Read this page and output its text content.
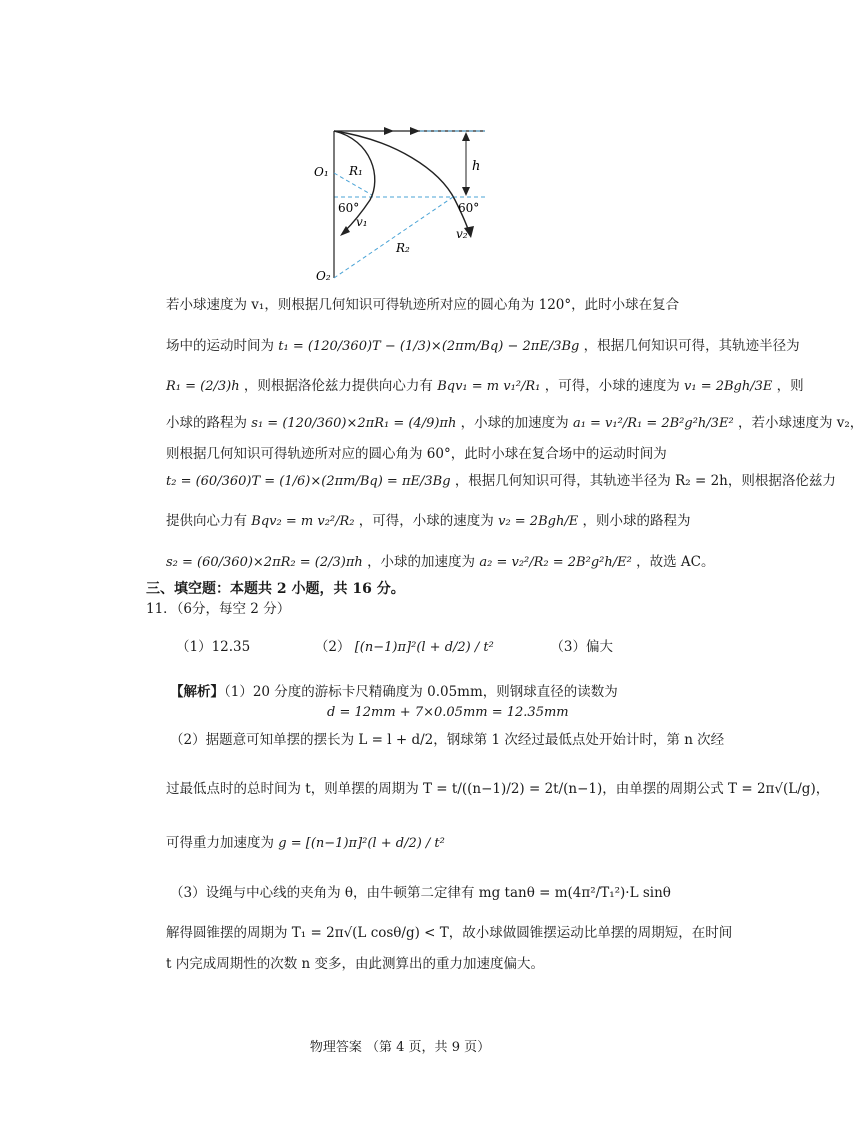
h
O₁ R₁
60°
v₁
60°
v₂
R₂
O₂
若小球速度为 v₁，则根据几何知识可得轨迹所对应的圆心角为 120°，此时小球在复合
场中的运动时间为 t₁ = (120/360)T − (1/3)×(2πm/Bq) − 2πE/3Bg ，根据几何知识可得，其轨迹半径为
R₁ = (2/3)h ，则根据洛伦兹力提供向心力有 Bqv₁ = m v₁²/R₁ ，可得，小球的速度为 v₁ = 2Bgh/3E ，则
小球的路程为 s₁ = (120/360)×2πR₁ = (4/9)πh ，小球的加速度为 a₁ = v₁²/R₁ = 2B²g²h/3E² ，若小球速度为 v₂，
则根据几何知识可得轨迹所对应的圆心角为 60°，此时小球在复合场中的运动时间为
t₂ = (60/360)T = (1/6)×(2πm/Bq) = πE/3Bg ，根据几何知识可得，其轨迹半径为 R₂ = 2h，则根据洛伦兹力
提供向心力有 Bqv₂ = m v₂²/R₂ ，可得，小球的速度为 v₂ = 2Bgh/E ，则小球的路程为
s₂ = (60/360)×2πR₂ = (2/3)πh ，小球的加速度为 a₂ = v₂²/R₂ = 2B²g²h/E² ，故选 AC。
三、填空题：本题共 2 小题，共 16 分。
11．（6分，每空 2 分）
（1）12.35	（2） [(n−1)π]²(l + d/2) / t²	（3）偏大
【解析】（1）20 分度的游标卡尺精确度为 0.05mm，则钢球直径的读数为
d = 12mm + 7×0.05mm = 12.35mm
（2）据题意可知单摆的摆长为 L = l + d/2，钢球第 1 次经过最低点处开始计时，第 n 次经
过最低点时的总时间为 t，则单摆的周期为 T = t/((n−1)/2) = 2t/(n−1)，由单摆的周期公式 T = 2π√(L/g)，
可得重力加速度为 g = [(n−1)π]²(l + d/2) / t²
（3）设绳与中心线的夹角为 θ，由牛顿第二定律有 mg tanθ = m(4π²/T₁²)·L sinθ
解得圆锥摆的周期为 T₁ = 2π√(L cosθ/g) < T，故小球做圆锥摆运动比单摆的周期短，在时间
t 内完成周期性的次数 n 变多，由此测算出的重力加速度偏大。
物理答案 （第 4 页，共 9 页）
